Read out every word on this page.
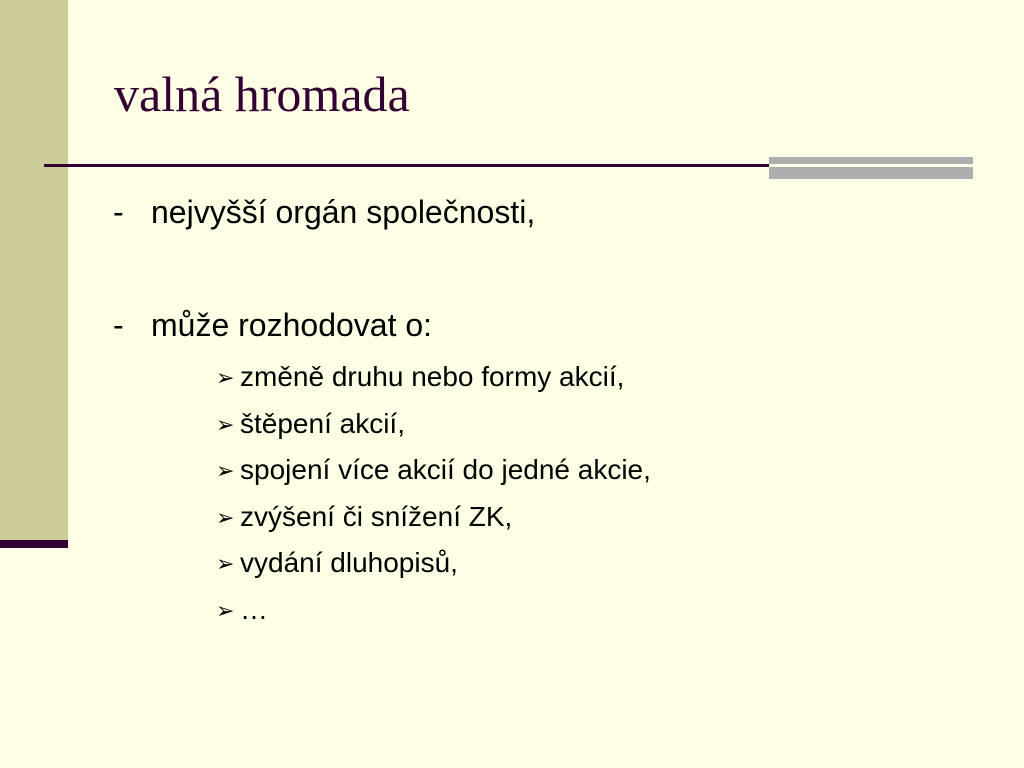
valná hromada
- nejvyšší orgán společnosti,
- může rozhodovat o:
➢ změně druhu nebo formy akcií,
➢ štěpení akcií,
➢ spojení více akcií do jedné akcie,
➢ zvýšení či snížení ZK,
➢ vydání dluhopisů,
➢ …
